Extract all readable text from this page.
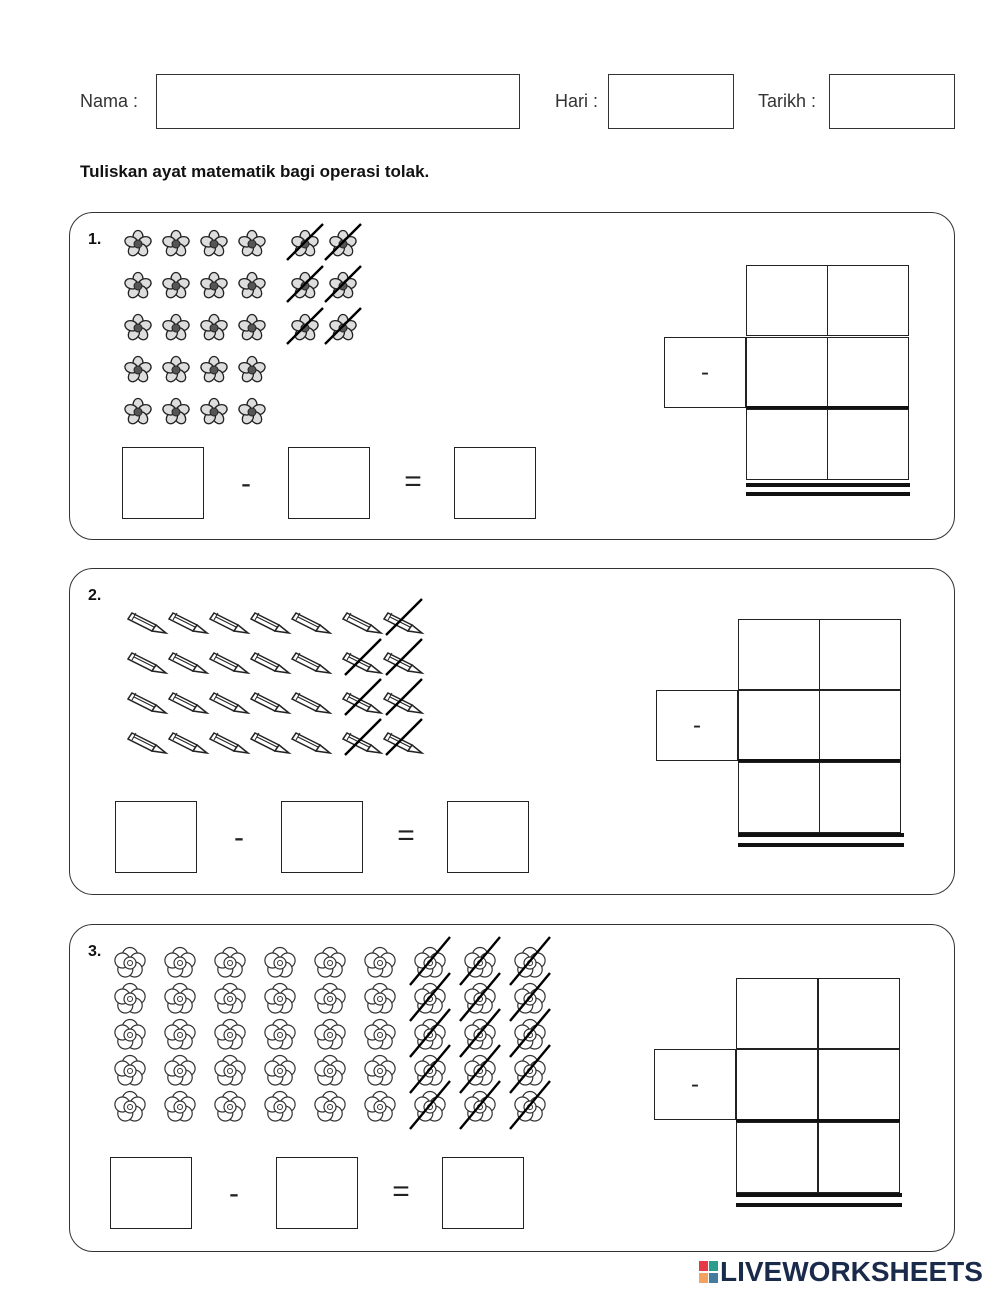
Nama :	Hari :	Tarikh :
Tuliskan ayat matematik bagi operasi tolak.
1.
-	=
-
2.
-	=
-
3.
-	=
-
LIVEWORKSHEETS
